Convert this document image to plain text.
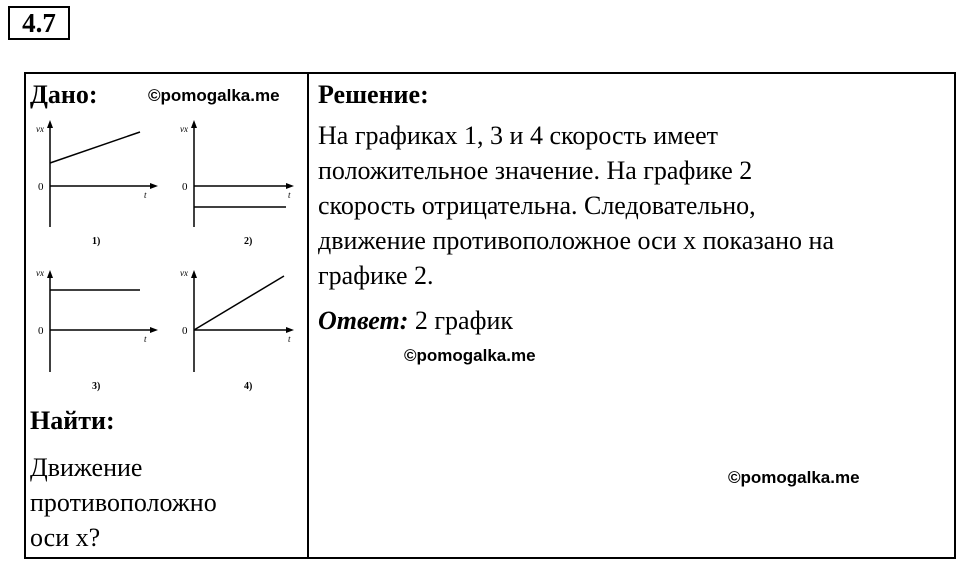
4.7
Дано:	©pomogalka.me
vx
0
t
1)
vx
0
t
2)
vx
0
t
3)
vx
0
t
4)
Найти:
Движение
противоположно
оси x?
Решение:
На графиках 1, 3 и 4 скорость имеет
положительное значение. На графике 2
скорость отрицательна. Следовательно,
движение противоположное оси x показано на
графике 2.
Ответ: 2 график
©pomogalka.me
©pomogalka.me
